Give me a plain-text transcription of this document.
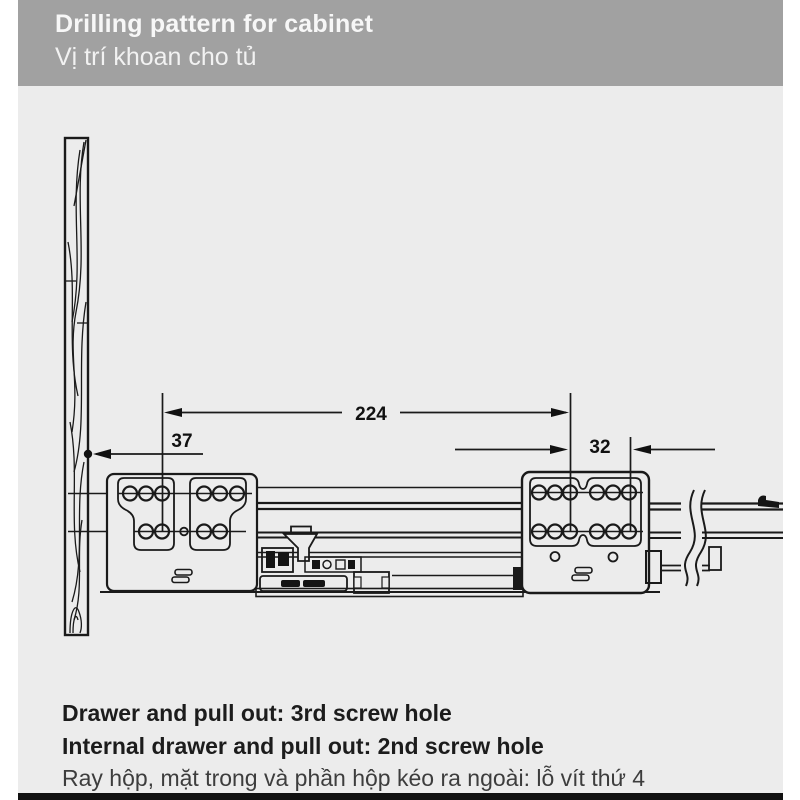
Drilling pattern for cabinet
Vị trí khoan cho tủ
37
224
32
Drawer and pull out: 3rd screw hole
Internal drawer and pull out: 2nd screw hole
Ray hộp, mặt trong và phần hộp kéo ra ngoài: lỗ vít thứ 4
